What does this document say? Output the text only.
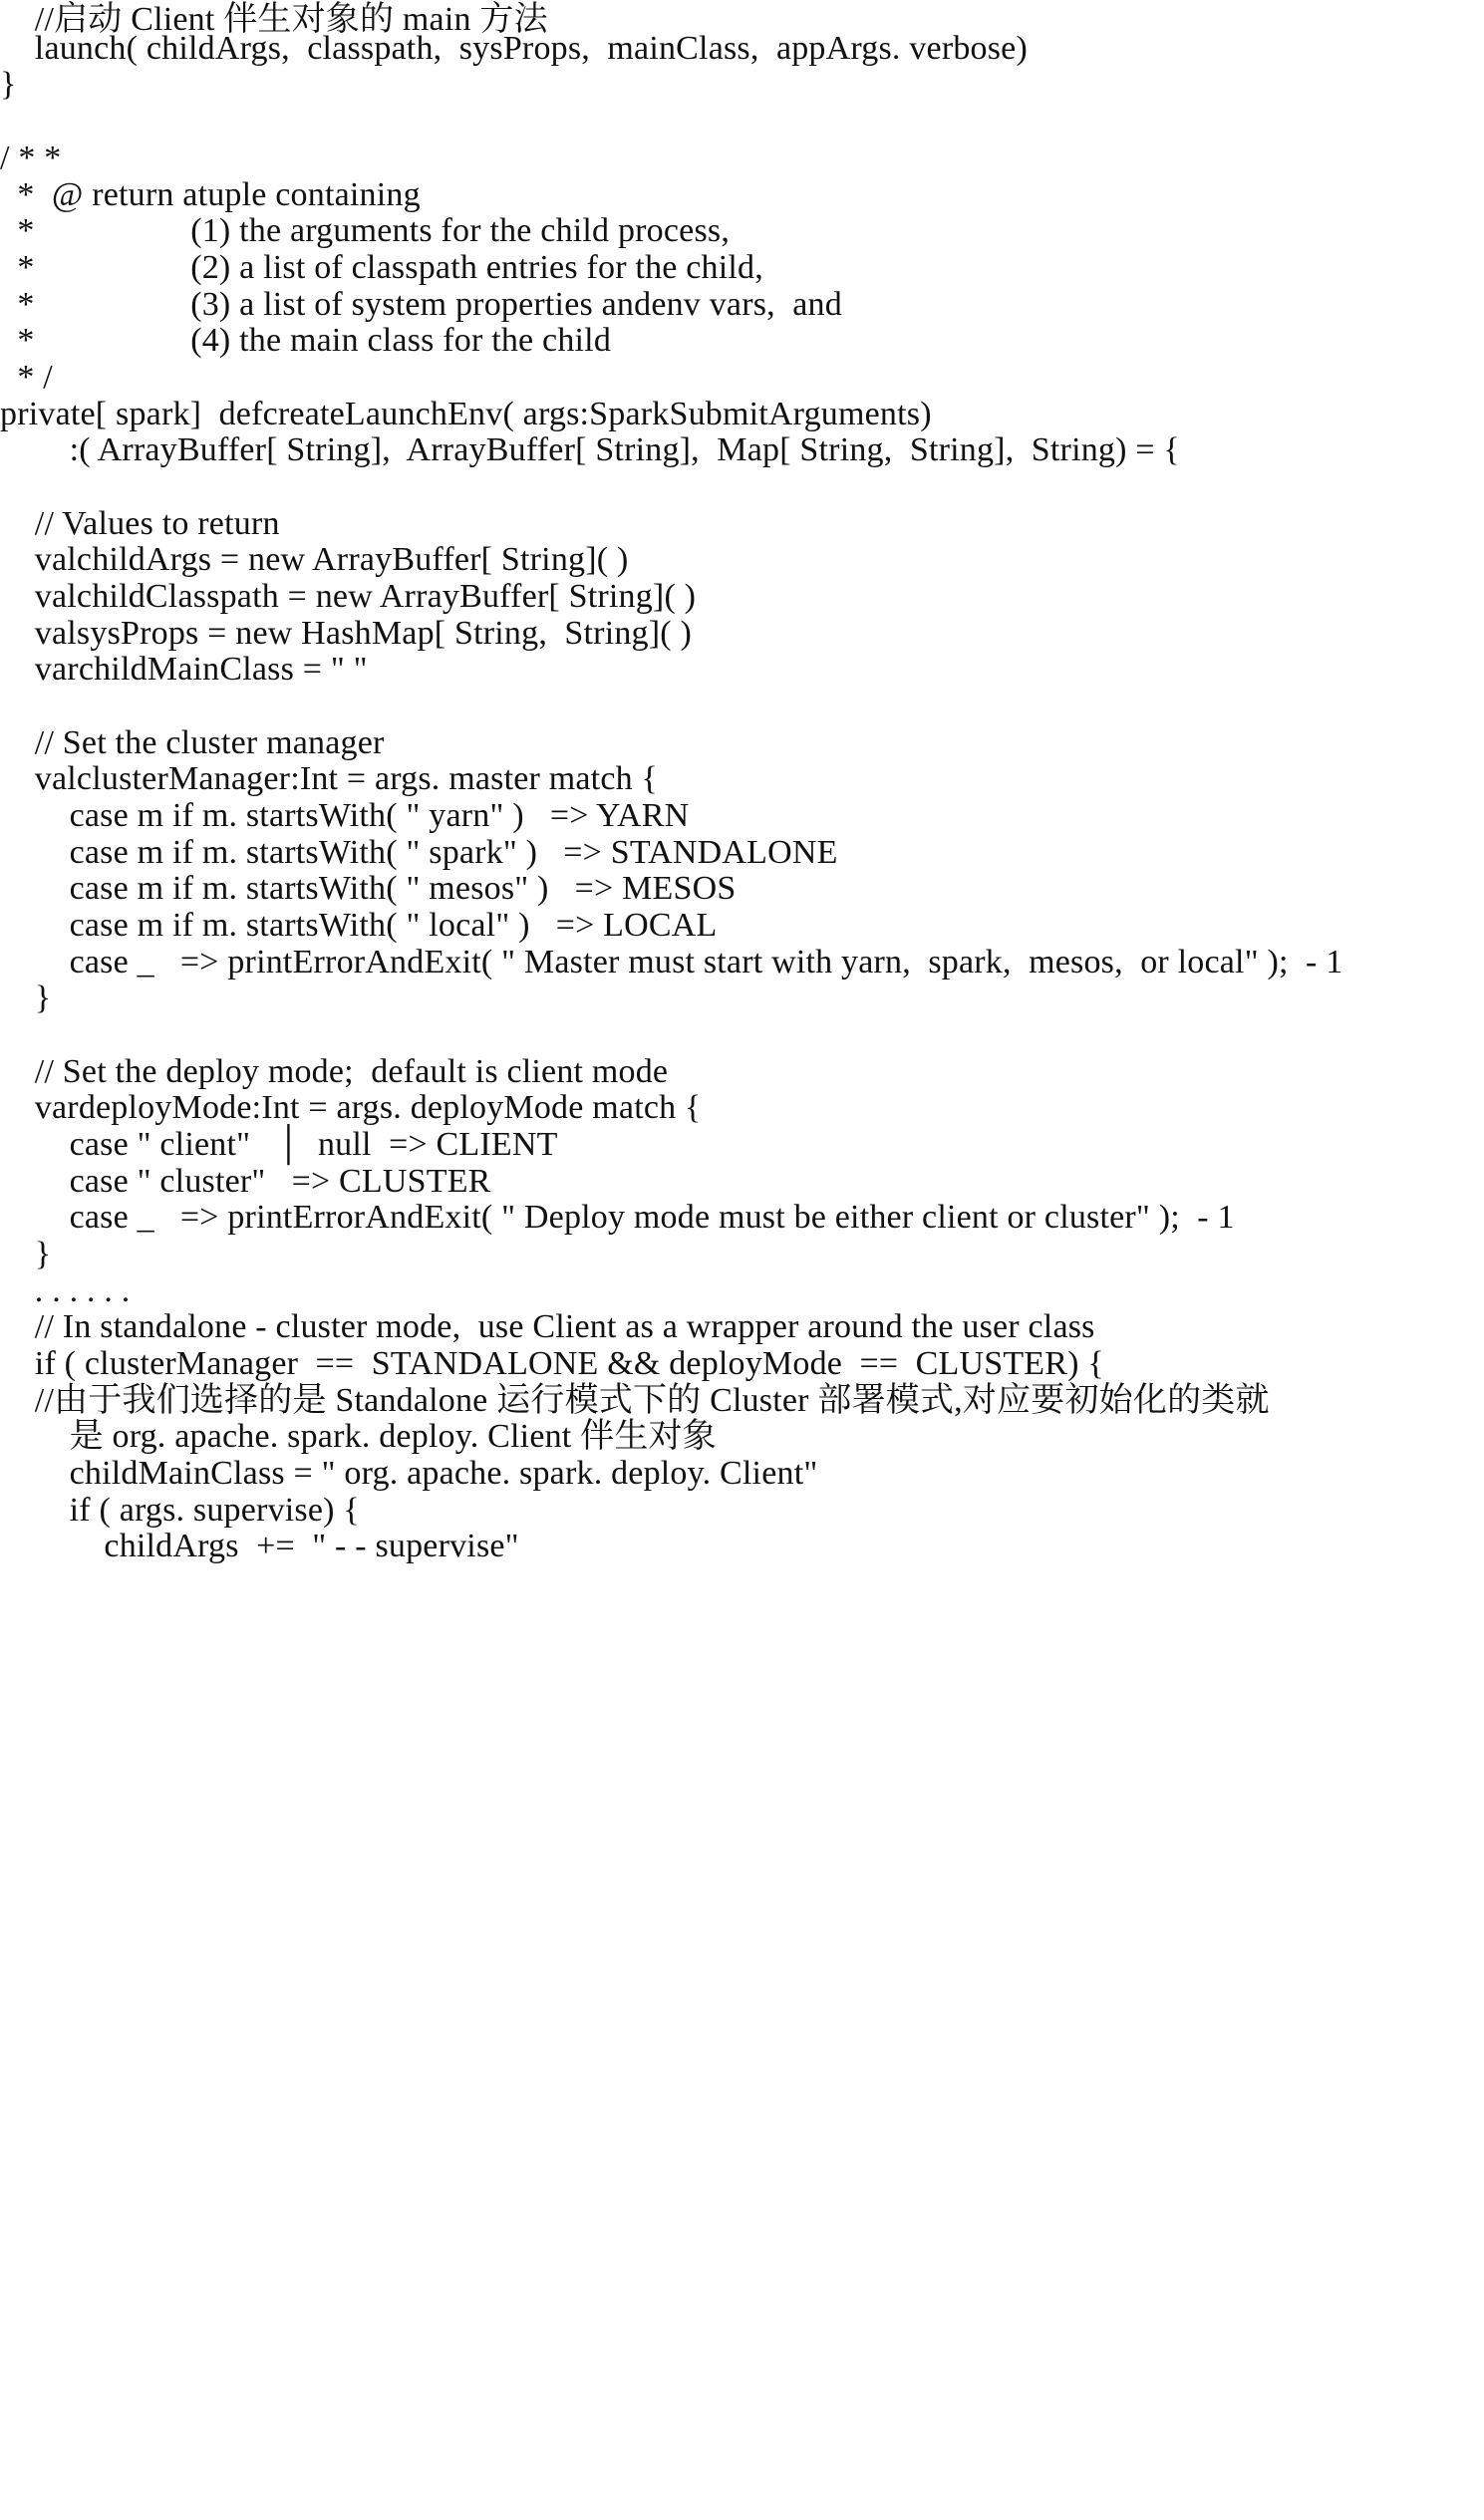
//启动 Client 伴生对象的 main 方法
launch( childArgs,  classpath,  sysProps,  mainClass,  appArgs. verbose)
}
/ * *
*  @ return atuple containing
*                  (1) the arguments for the child process,
*                  (2) a list of classpath entries for the child,
*                  (3) a list of system properties andenv vars,  and
*                  (4) the main class for the child
* /
private[ spark]  defcreateLaunchEnv( args:SparkSubmitArguments)
:( ArrayBuffer[ String],  ArrayBuffer[ String],  Map[ String,  String],  String) = {
// Values to return
valchildArgs = new ArrayBuffer[ String]( )
valchildClasspath = new ArrayBuffer[ String]( )
valsysProps = new HashMap[ String,  String]( )
varchildMainClass = " "
// Set the cluster manager
valclusterManager:Int = args. master match {
case m if m. startsWith( " yarn" )   => YARN
case m if m. startsWith( " spark" )   => STANDALONE
case m if m. startsWith( " mesos" )   => MESOS
case m if m. startsWith( " local" )   => LOCAL
case _   => printErrorAndExit( " Master must start with yarn,  spark,  mesos,  or local" );  - 1
}
// Set the deploy mode;  default is client mode
vardeployMode:Int = args. deployMode match {
case " client"   │  null  => CLIENT
case " cluster"   => CLUSTER
case _   => printErrorAndExit( " Deploy mode must be either client or cluster" );  - 1
}
. . . . . .
// In standalone - cluster mode,  use Client as a wrapper around the user class
if ( clusterManager  ==  STANDALONE && deployMode  ==  CLUSTER) {
//由于我们选择的是 Standalone 运行模式下的 Cluster 部署模式,对应要初始化的类就
是 org. apache. spark. deploy. Client 伴生对象
childMainClass = " org. apache. spark. deploy. Client"
if ( args. supervise) {
childArgs  +=  " - - supervise"
